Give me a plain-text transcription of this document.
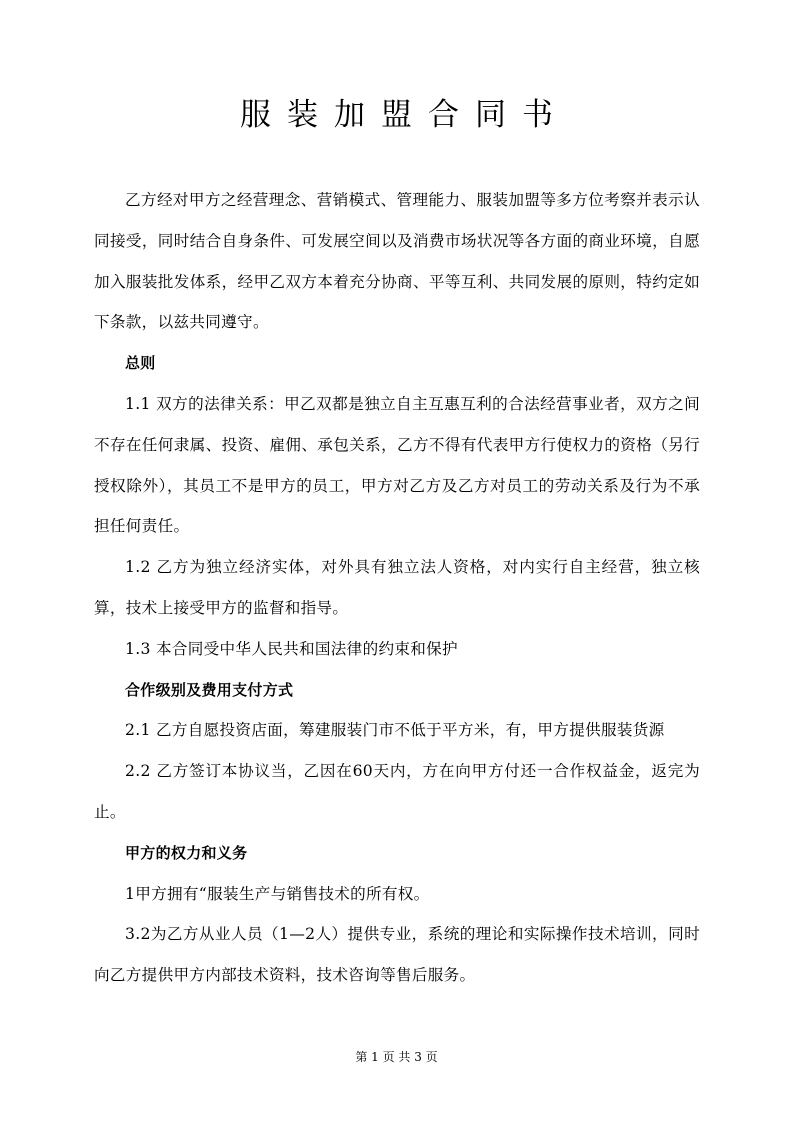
服装加盟合同书

乙方经对甲方之经营理念、营销模式、管理能力、服装加盟等多方位考察并表示认同接受，同时结合自身条件、可发展空间以及消费市场状况等各方面的商业环境，自愿加入服装批发体系，经甲乙双方本着充分协商、平等互利、共同发展的原则，特约定如下条款，以兹共同遵守。

总则

1.1 双方的法律关系：甲乙双都是独立自主互惠互利的合法经营事业者，双方之间不存在任何隶属、投资、雇佣、承包关系，乙方不得有代表甲方行使权力的资格（另行授权除外），其员工不是甲方的员工，甲方对乙方及乙方对员工的劳动关系及行为不承担任何责任。

1.2 乙方为独立经济实体，对外具有独立法人资格，对内实行自主经营，独立核算，技术上接受甲方的监督和指导。

1.3 本合同受中华人民共和国法律的约束和保护

合作级别及费用支付方式

2.1 乙方自愿投资店面，筹建服装门市不低于平方米，有，甲方提供服装货源

2.2 乙方签订本协议当，乙因在60天内，方在向甲方付还一合作权益金，返完为止。

甲方的权力和义务

1甲方拥有“服装生产与销售技术的所有权。

3.2为乙方从业人员（1—2人）提供专业，系统的理论和实际操作技术培训，同时向乙方提供甲方内部技术资料，技术咨询等售后服务。

第 1 页 共 3 页
